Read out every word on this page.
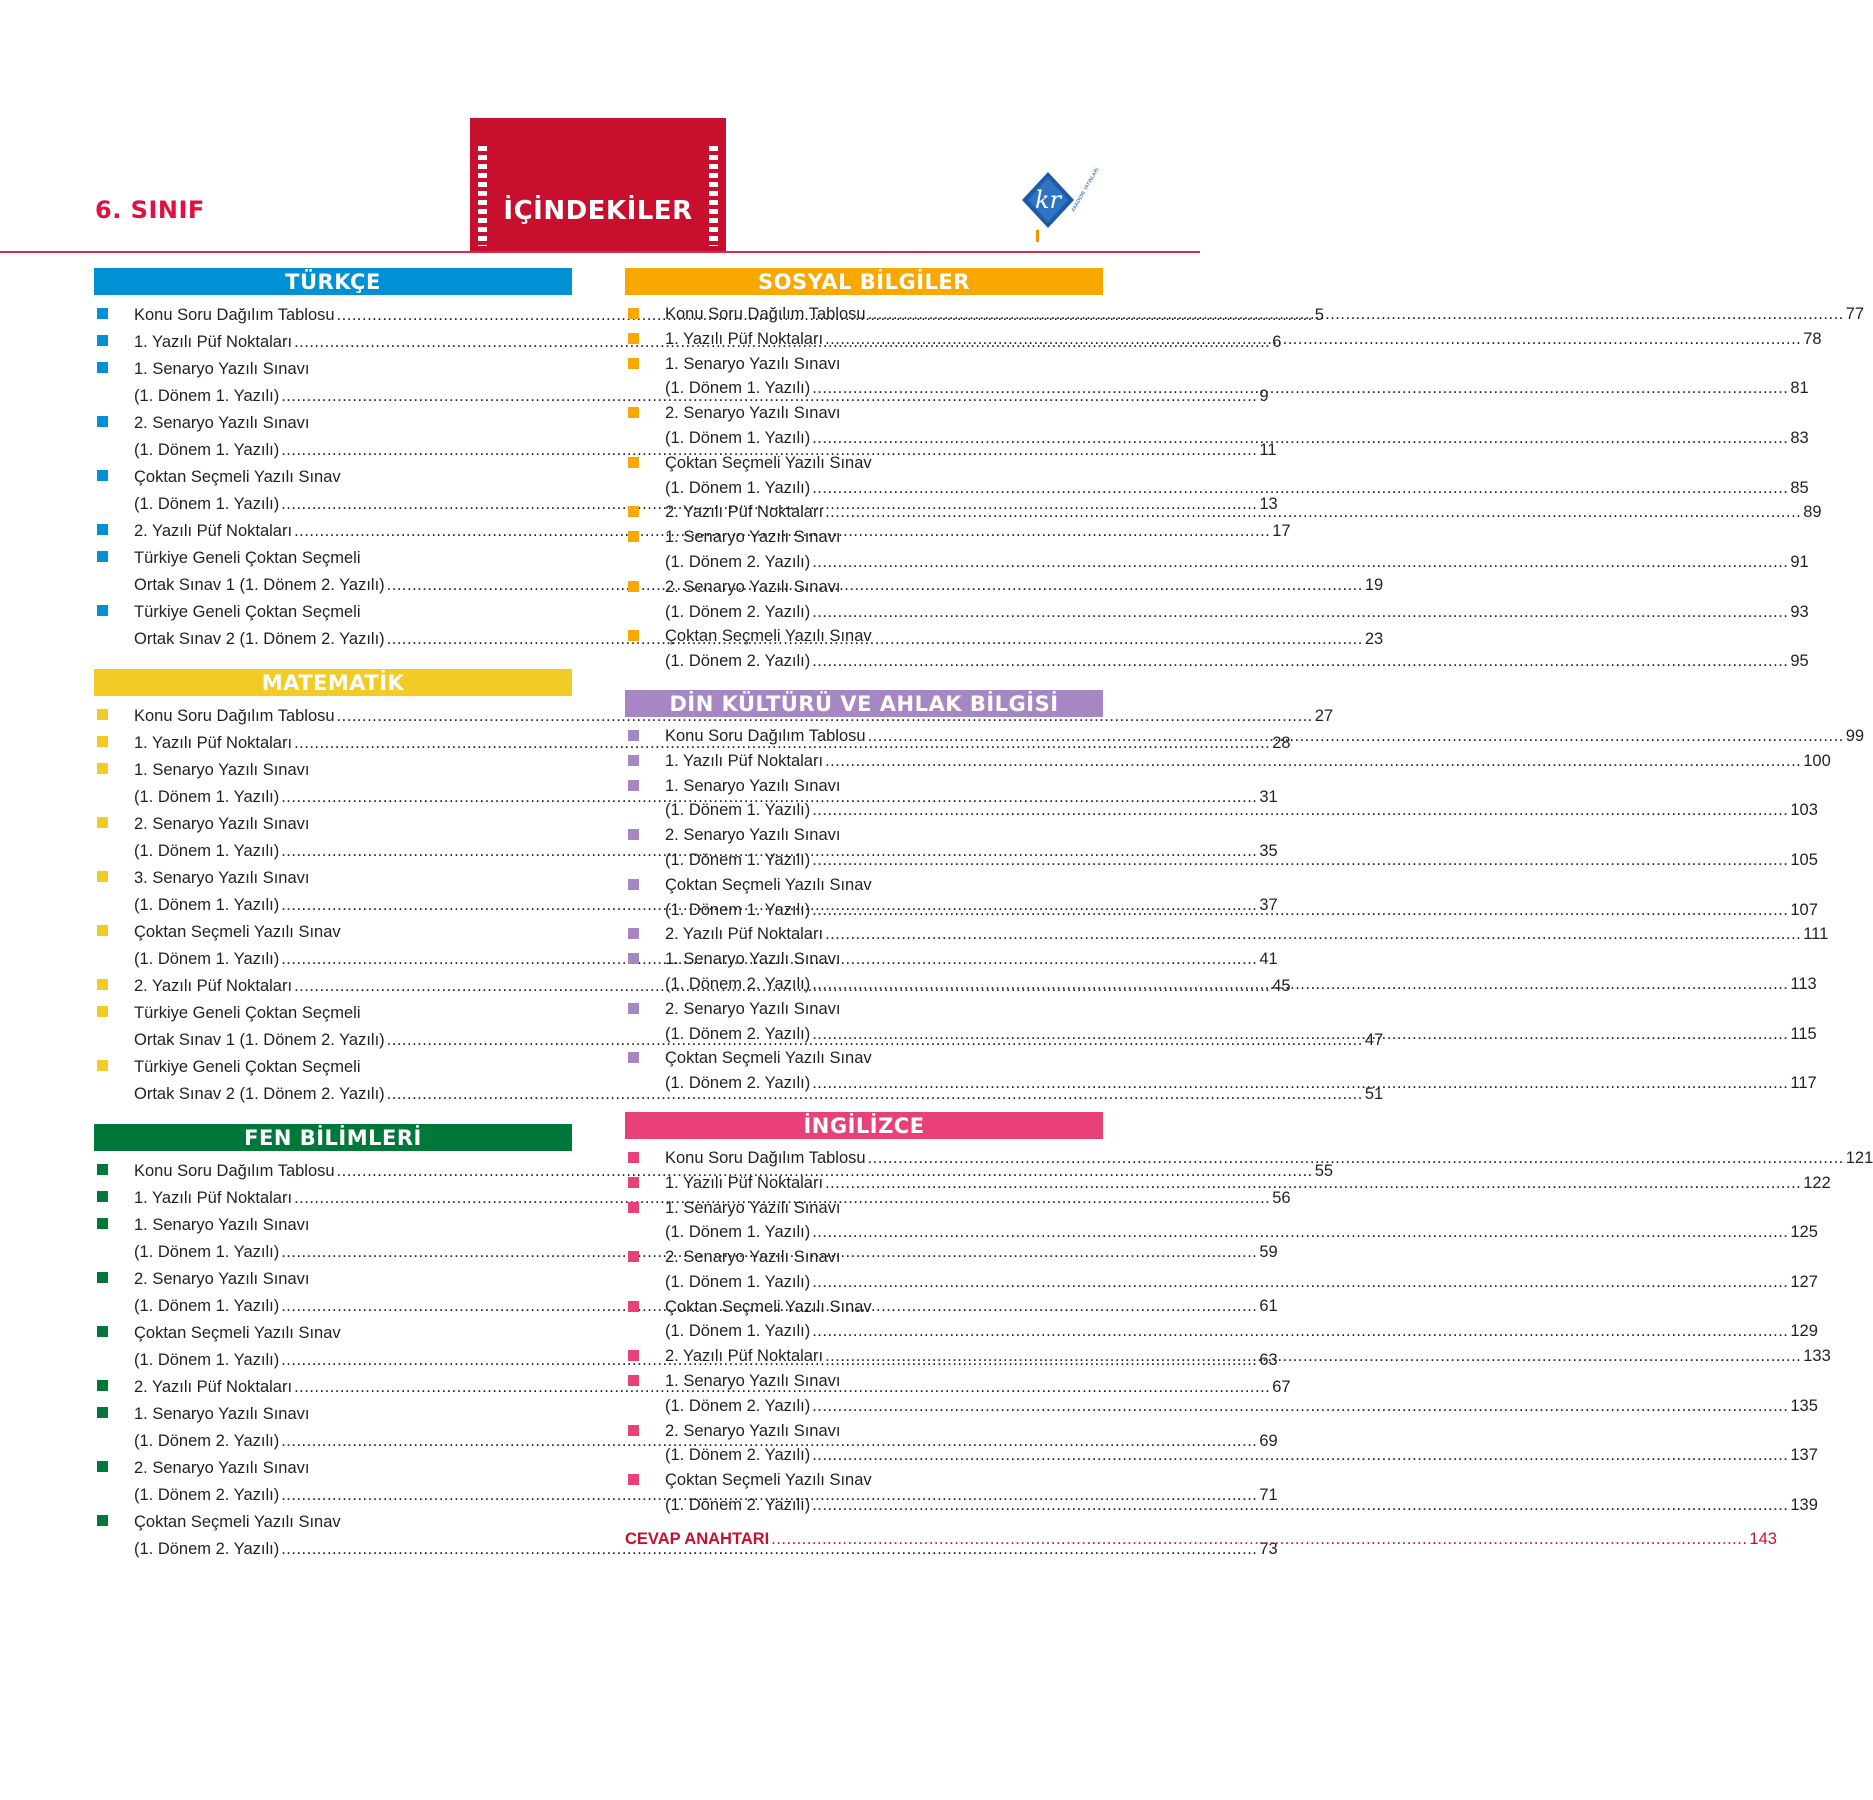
6. SINIF	İÇİNDEKİLER	kr	AKADEMİ YAYINLARI
TÜRKÇE
Konu Soru Dağılım Tablosu .....	5
1. Yazılı Püf Noktaları .....	6
1. Senaryo Yazılı Sınavı
(1. Dönem 1. Yazılı) .....	9
2. Senaryo Yazılı Sınavı
(1. Dönem 1. Yazılı) .....	11
Çoktan Seçmeli Yazılı Sınav
(1. Dönem 1. Yazılı) .....	13
2. Yazılı Püf Noktaları .....	17
Türkiye Geneli Çoktan Seçmeli
Ortak Sınav 1 (1. Dönem 2. Yazılı) .....	19
Türkiye Geneli Çoktan Seçmeli
Ortak Sınav 2 (1. Dönem 2. Yazılı) .....	23
MATEMATİK
Konu Soru Dağılım Tablosu .....	27
1. Yazılı Püf Noktaları .....	28
1. Senaryo Yazılı Sınavı
(1. Dönem 1. Yazılı) .....	31
2. Senaryo Yazılı Sınavı
(1. Dönem 1. Yazılı) .....	35
3. Senaryo Yazılı Sınavı
(1. Dönem 1. Yazılı) .....	37
Çoktan Seçmeli Yazılı Sınav
(1. Dönem 1. Yazılı) .....	41
2. Yazılı Püf Noktaları .....	45
Türkiye Geneli Çoktan Seçmeli
Ortak Sınav 1 (1. Dönem 2. Yazılı) .....	47
Türkiye Geneli Çoktan Seçmeli
Ortak Sınav 2 (1. Dönem 2. Yazılı) .....	51
FEN BİLİMLERİ
Konu Soru Dağılım Tablosu .....	55
1. Yazılı Püf Noktaları .....	56
1. Senaryo Yazılı Sınavı
(1. Dönem 1. Yazılı) .....	59
2. Senaryo Yazılı Sınavı
(1. Dönem 1. Yazılı) .....	61
Çoktan Seçmeli Yazılı Sınav
(1. Dönem 1. Yazılı) .....	63
2. Yazılı Püf Noktaları .....	67
1. Senaryo Yazılı Sınavı
(1. Dönem 2. Yazılı) .....	69
2. Senaryo Yazılı Sınavı
(1. Dönem 2. Yazılı) .....	71
Çoktan Seçmeli Yazılı Sınav
(1. Dönem 2. Yazılı) .....	73
SOSYAL BİLGİLER
Konu Soru Dağılım Tablosu .....	77
1. Yazılı Püf Noktaları .....	78
1. Senaryo Yazılı Sınavı
(1. Dönem 1. Yazılı) .....	81
2. Senaryo Yazılı Sınavı
(1. Dönem 1. Yazılı) .....	83
Çoktan Seçmeli Yazılı Sınav
(1. Dönem 1. Yazılı) .....	85
2. Yazılı Püf Noktaları .....	89
1. Senaryo Yazılı Sınavı
(1. Dönem 2. Yazılı) .....	91
2. Senaryo Yazılı Sınavı
(1. Dönem 2. Yazılı) .....	93
Çoktan Seçmeli Yazılı Sınav
(1. Dönem 2. Yazılı) .....	95
DİN KÜLTÜRÜ VE AHLAK BİLGİSİ
Konu Soru Dağılım Tablosu .....	99
1. Yazılı Püf Noktaları .....	100
1. Senaryo Yazılı Sınavı
(1. Dönem 1. Yazılı) .....	103
2. Senaryo Yazılı Sınavı
(1. Dönem 1. Yazılı) .....	105
Çoktan Seçmeli Yazılı Sınav
(1. Dönem 1. Yazılı) .....	107
2. Yazılı Püf Noktaları .....	111
1. Senaryo Yazılı Sınavı
(1. Dönem 2. Yazılı) .....	113
2. Senaryo Yazılı Sınavı
(1. Dönem 2. Yazılı) .....	115
Çoktan Seçmeli Yazılı Sınav
(1. Dönem 2. Yazılı) .....	117
İNGİLİZCE
Konu Soru Dağılım Tablosu .....	121
1. Yazılı Püf Noktaları .....	122
1. Senaryo Yazılı Sınavı
(1. Dönem 1. Yazılı) .....	125
2. Senaryo Yazılı Sınavı
(1. Dönem 1. Yazılı) .....	127
Çoktan Seçmeli Yazılı Sınav
(1. Dönem 1. Yazılı) .....	129
2. Yazılı Püf Noktaları .....	133
1. Senaryo Yazılı Sınavı
(1. Dönem 2. Yazılı) .....	135
2. Senaryo Yazılı Sınavı
(1. Dönem 2. Yazılı) .....	137
Çoktan Seçmeli Yazılı Sınav
(1. Dönem 2. Yazılı) .....	139
CEVAP ANAHTARI .....	143
